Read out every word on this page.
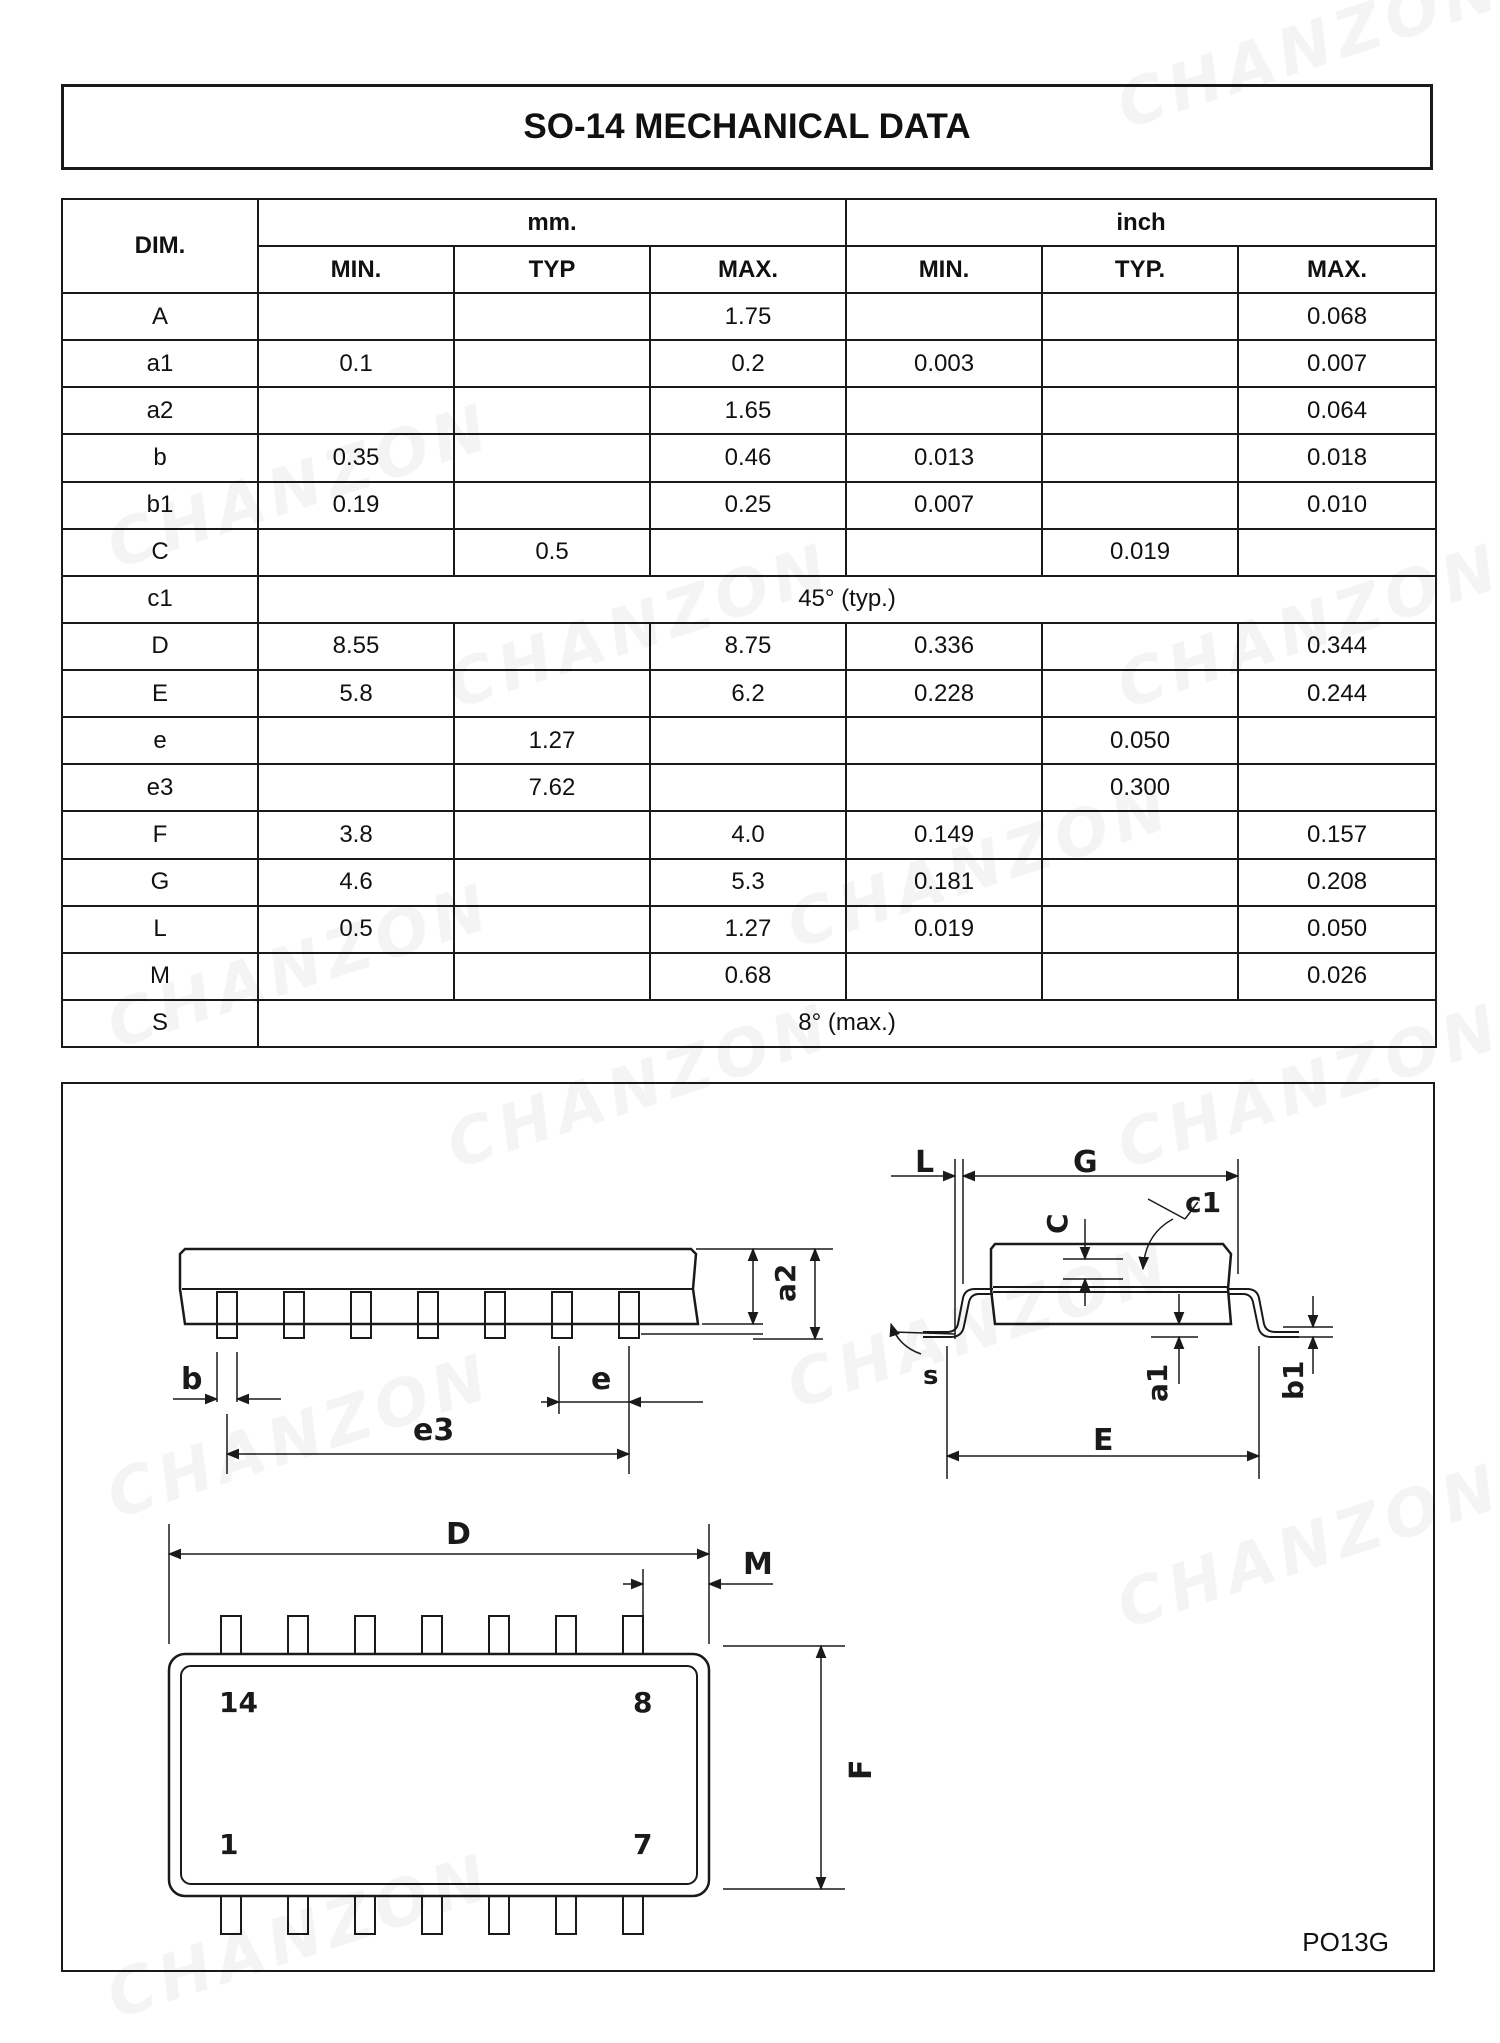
SO-14 MECHANICAL DATA
DIM.	mm.			inch		
	MIN.	TYP	MAX.	MIN.	TYP.	MAX.
A			1.75			0.068
a1	0.1		0.2	0.003		0.007
a2			1.65			0.064
b	0.35		0.46	0.013		0.018
b1	0.19		0.25	0.007		0.010
C		0.5			0.019	
c1	45° (typ.)					
D	8.55		8.75	0.336		0.344
E	5.8		6.2	0.228		0.244
e		1.27			0.050	
e3		7.62			0.300	
F	3.8		4.0	0.149		0.157
G	4.6		5.3	0.181		0.208
L	0.5		1.27	0.019		0.050
M			0.68			0.026
S	8° (max.)					
L	G
C
c1
a2
b	e
e3
s	a1	b1
E
D
M
F
14	8
1	7
PO13G
